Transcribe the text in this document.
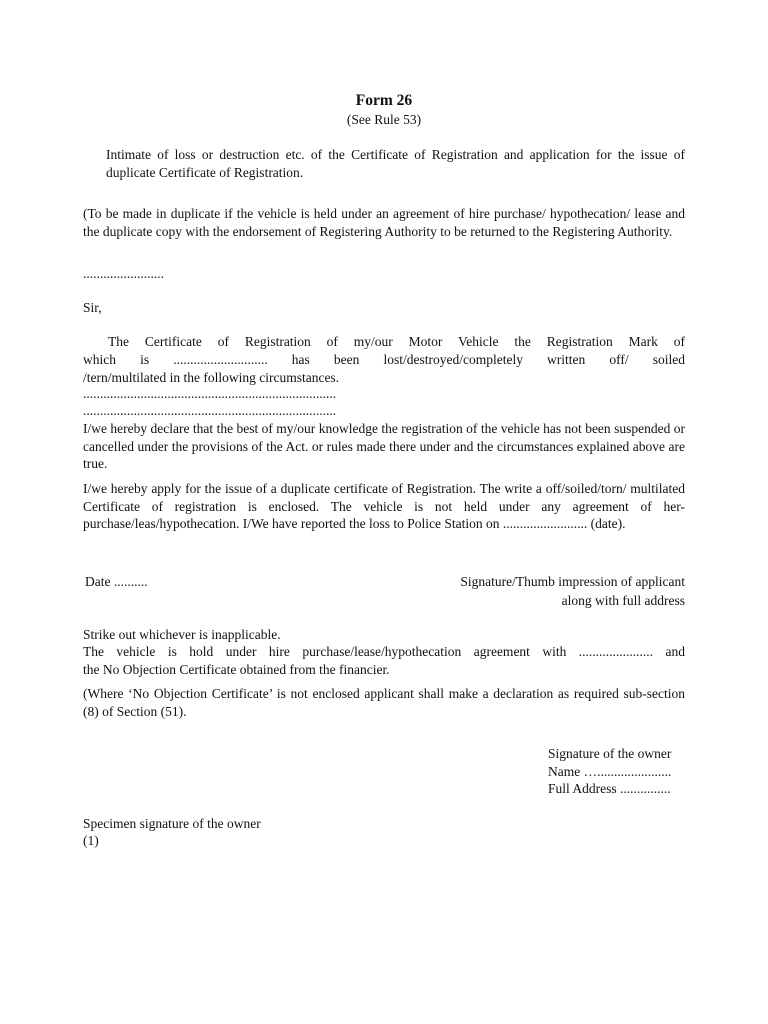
Form 26
(See Rule 53)

Intimate of loss or destruction etc. of the Certificate of Registration and application for the issue of duplicate Certificate of Registration.

(To be made in duplicate if the vehicle is held under an agreement of hire purchase/ hypothecation/ lease and the duplicate copy with the endorsement of Registering Authority to be returned to the Registering Authority.

........................
Sir,
The Certificate of Registration of my/our Motor Vehicle the Registration Mark of
which is ............................ has been lost/destroyed/completely written off/ soiled
/tern/multilated in the following circumstances.
...........................................................................
...........................................................................

I/we hereby declare that the best of my/our knowledge the registration of the vehicle has not been suspended or cancelled under the provisions of the Act. or rules made there under and the circumstances explained above are true.

I/we hereby apply for the issue of a duplicate certificate of Registration. The write a off/soiled/torn/ multilated Certificate of registration is enclosed. The vehicle is not held under any agreement of her-purchase/leas/hypothecation. I/We have reported the loss to Police Station on ......................... (date).

Date ..........	Signature/Thumb impression of applicant
along with full address
Strike out whichever is inapplicable.
The vehicle is hold under hire purchase/lease/hypothecation agreement with ...................... and
the No Objection Certificate obtained from the financier.

(Where ‘No Objection Certificate’ is not enclosed applicant shall make a declaration as required sub-section (8) of Section (51).

Signature of the owner
Name …......................
Full Address ...............
Specimen signature of the owner
(1)
